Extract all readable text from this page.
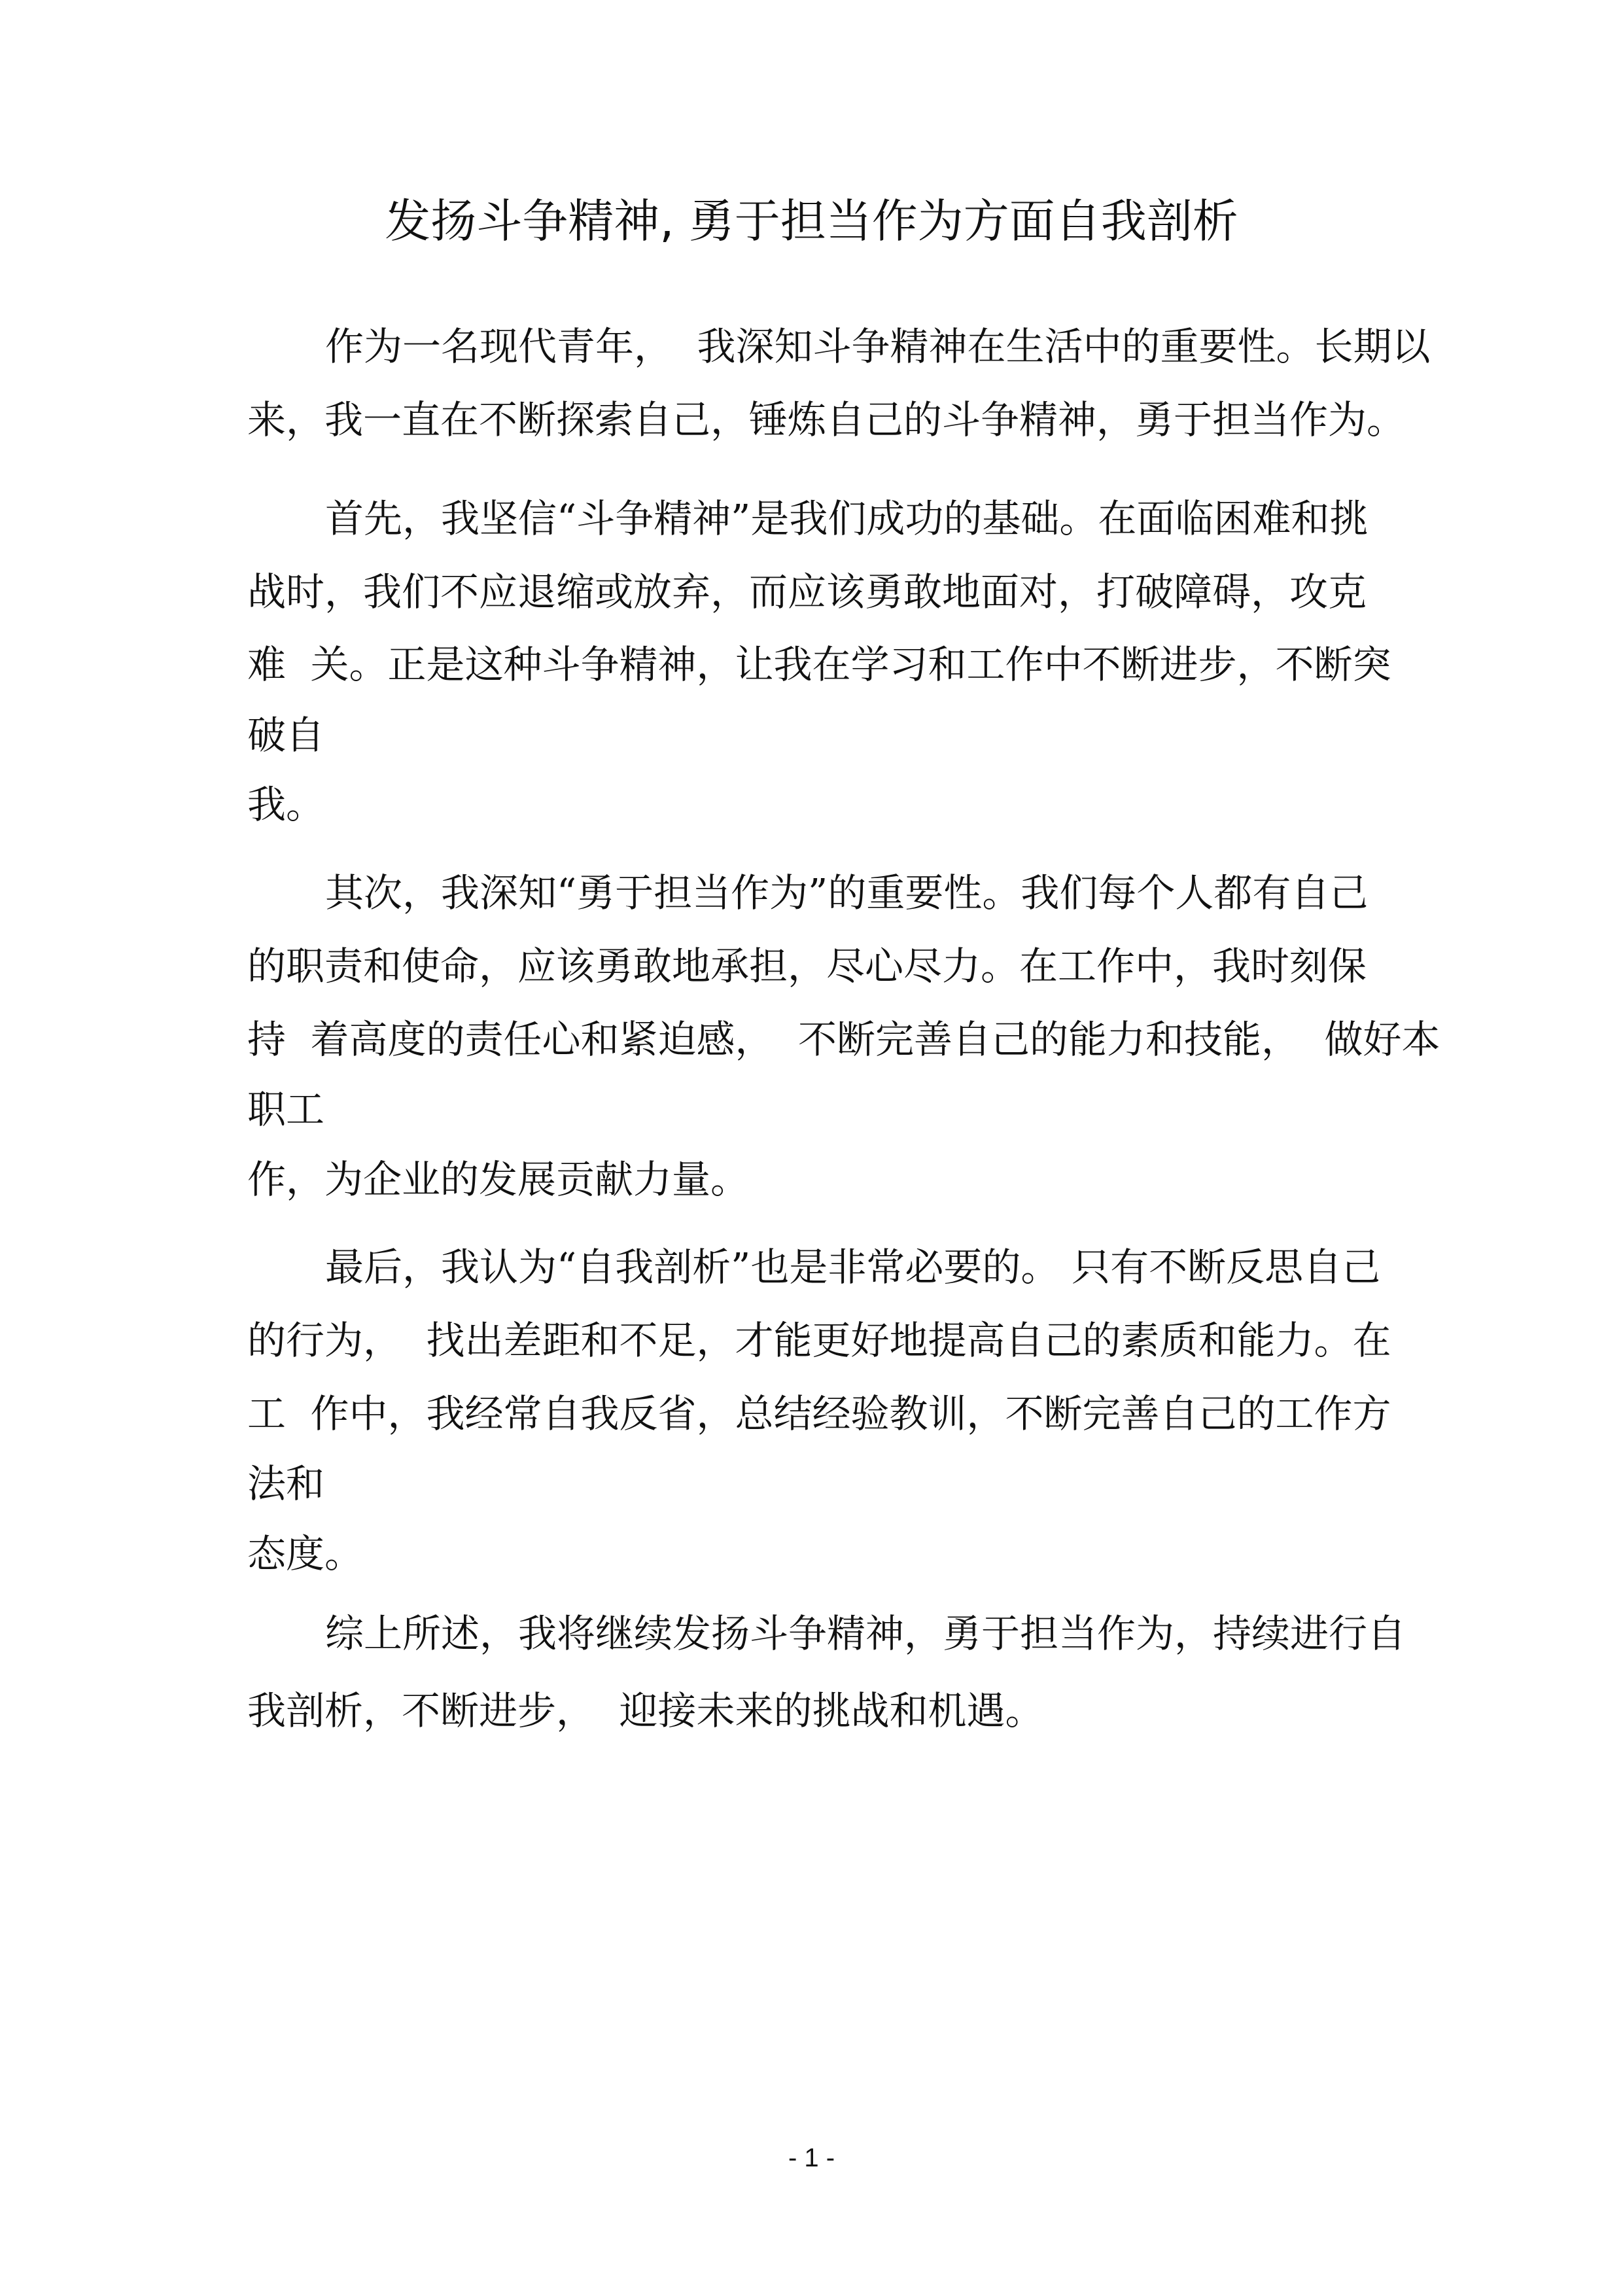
发扬斗争精神, 勇于担当作为方面自我剖析
作为一名现代青年，  我深知斗争精神在生活中的重要性。长期以
来，我一直在不断探索自己，锤炼自己的斗争精神，勇于担当作为。
首先，我坚信“斗争精神”是我们成功的基础。在面临困难和挑
战时，我们不应退缩或放弃，而应该勇敢地面对，打破障碍，攻克
难  关。正是这种斗争精神，让我在学习和工作中不断进步，不断突
破自
我。
其次，我深知“勇于担当作为”的重要性。我们每个人都有自己
的职责和使命，应该勇敢地承担，尽心尽力。在工作中，我时刻保
持  着高度的责任心和紧迫感，  不断完善自己的能力和技能，  做好本
职工
作，为企业的发展贡献力量。
最后，我认为“自我剖析”也是非常必要的。 只有不断反思自己
的行为，  找出差距和不足，才能更好地提高自己的素质和能力。在
工  作中，我经常自我反省，总结经验教训，不断完善自己的工作方
法和
态度。
综上所述，我将继续发扬斗争精神，勇于担当作为，持续进行自
我剖析，不断进步，  迎接未来的挑战和机遇。
- 1 -
